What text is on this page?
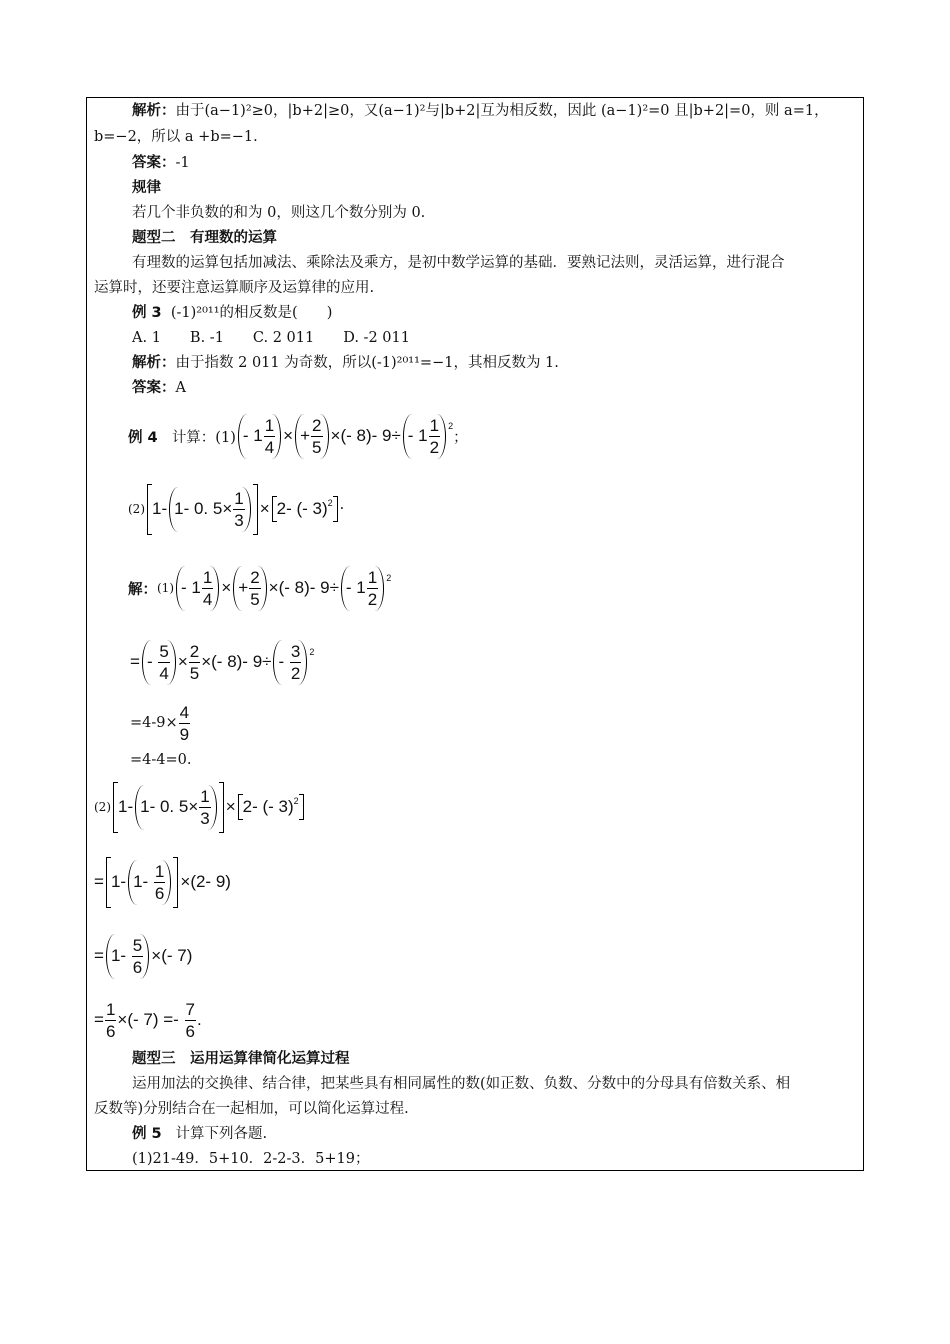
解析：由于(a−1)²≥0，|b+2|≥0，又(a−1)²与|b+2|互为相反数，因此 (a−1)²=0 且|b+2|=0，则 a=1，
b=−2，所以 a +b=−1.
答案：-1
规律
若几个非负数的和为 0，则这几个数分别为 0.
题型二　有理数的运算
有理数的运算包括加减法、乘除法及乘方，是初中数学运算的基础．要熟记法则，灵活运算，进行混合
运算时，还要注意运算顺序及运算律的应用.
例 3 (-1)²⁰¹¹的相反数是(　　)
A. 1　　B. -1　　C. 2 011　　D. -2 011
解析：由于指数 2 011 为奇数，所以(-1)²⁰¹¹=−1，其相反数为 1.
答案：A
例 4
计算：(1) - 1
1
4
× + $\frac{2}{5}$ ×(- 8)- 9÷ - 1
1
2
2
；
(2) 1- 1- 0. $5\times \frac{1}{3} \times 2-$ (- 3) 2 ·
解： (1) - 1
1
4
× + $\frac{2}{5}$ ×(- 8)- 9÷ - 1
1
2
2
= -

5
4
× $\frac{2}{5}$ ×(- 8)- 9÷ -

3
2
2
$=4-9\times \frac{4}{9}$
=4-4=0.
(2) 1- 1- 0. $5\times \frac{1}{3} \times 2-$ (- 3) 2
= 1- 1-

1
6
×(2- 9)
= 1-

5
6
×(- 7)
= $\frac{1}{6}$ ×(- 7) =-

7
6
.
题型三　运用运算律简化运算过程
运用加法的交换律、结合律，把某些具有相同属性的数(如正数、负数、分数中的分母具有倍数关系、相
反数等)分别结合在一起相加，可以简化运算过程.
例 5 计算下列各题.
(1)21-49．5+10．2-2-3．5+19；
